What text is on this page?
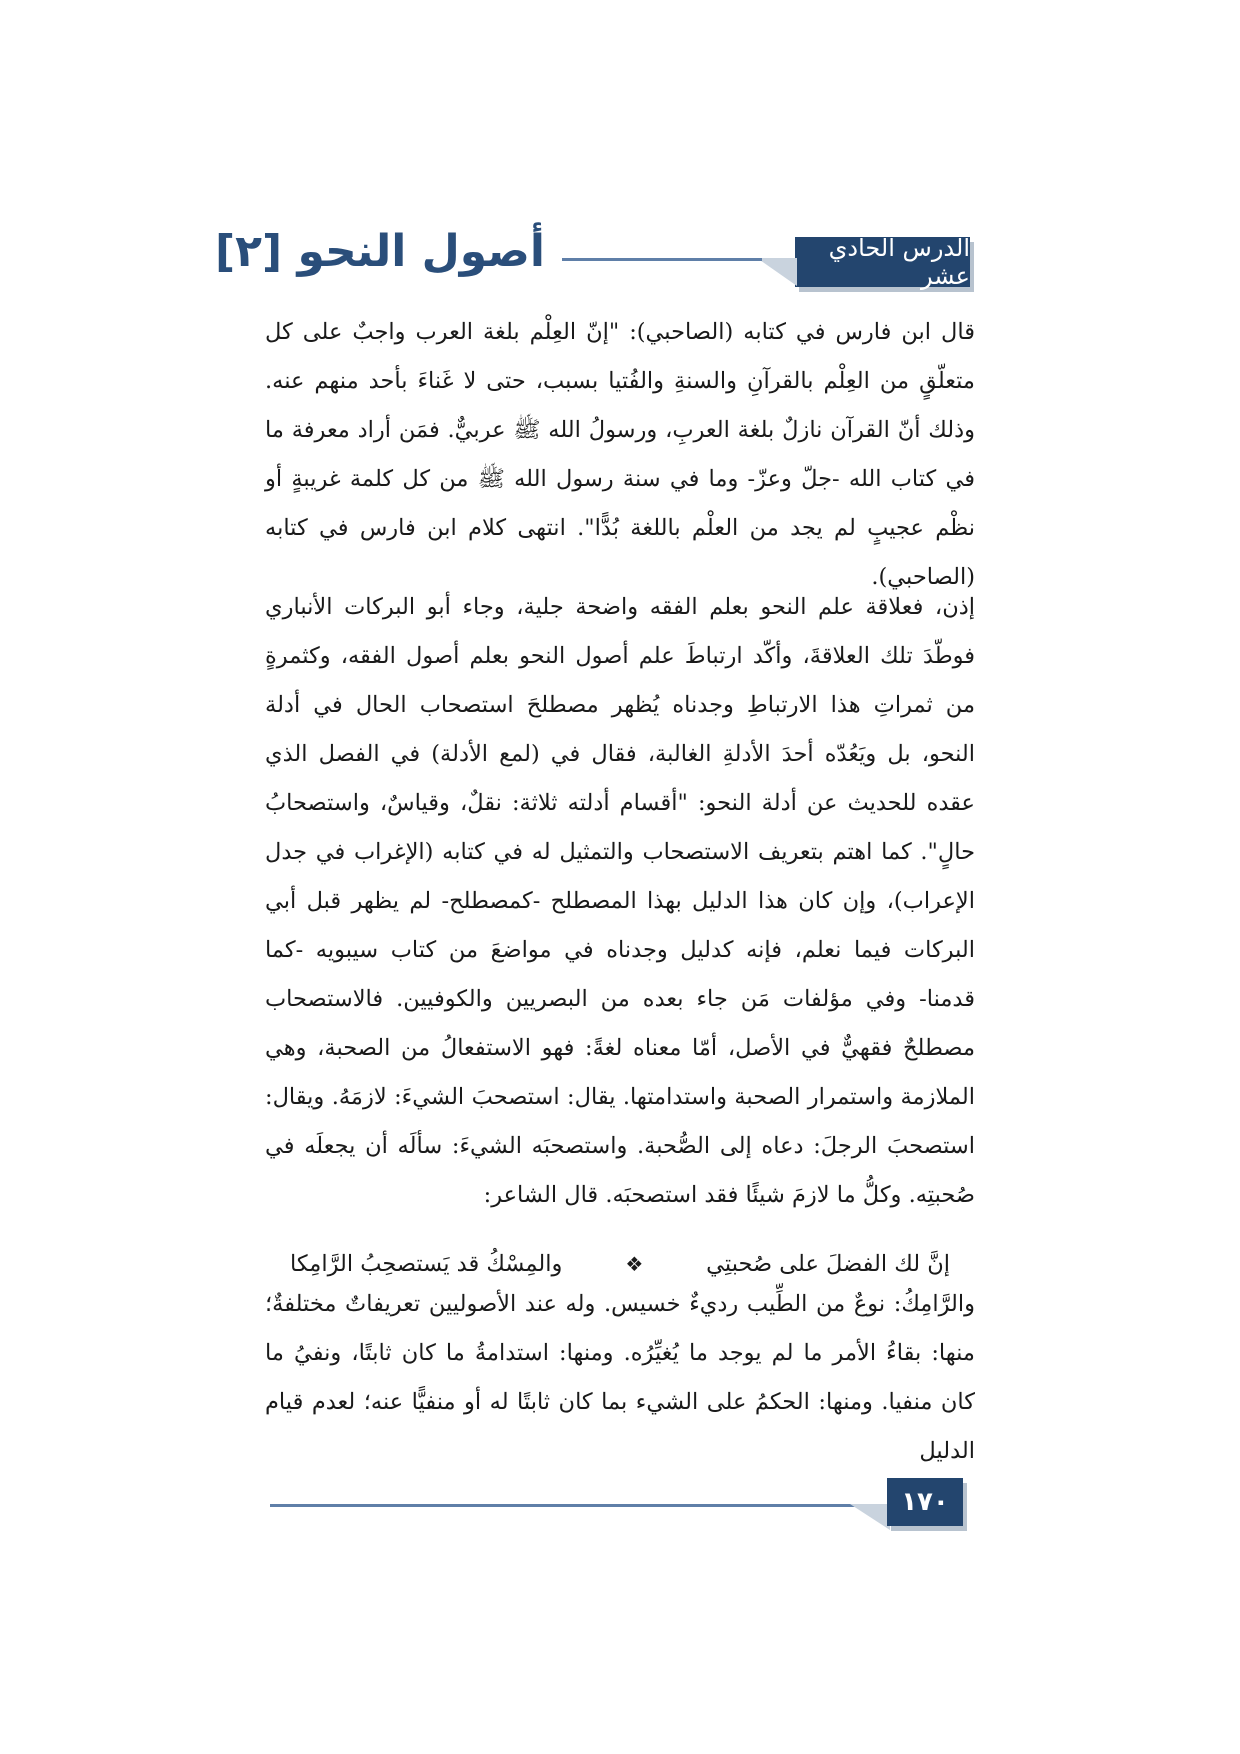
الدرس الحادي عشر
أصول النحو [٢]

قال ابن فارس في كتابه (الصاحبي): "إنّ العِلْم بلغة العرب واجبٌ على كل متعلّقٍ من العِلْم بالقرآنِ والسنةِ والفُتيا بسبب، حتى لا غَناءَ بأحد منهم عنه. وذلك أنّ القرآن نازلٌ بلغة العربِ، ورسولُ الله ﷺ عربيٌّ. فمَن أراد معرفة ما في كتاب الله -جلّ وعزّ- وما في سنة رسول الله ﷺ من كل كلمة غريبةٍ أو نظْم عجيبٍ لم يجد من العلْم باللغة بُدًّا". انتهى كلام ابن فارس في كتابه (الصاحبي).

إذن، فعلاقة علم النحو بعلم الفقه واضحة جلية، وجاء أبو البركات الأنباري فوطّدَ تلك العلاقةَ، وأكّد ارتباطَ علم أصول النحو بعلم أصول الفقه، وكثمرةٍ من ثمراتِ هذا الارتباطِ وجدناه يُظهر مصطلحَ استصحاب الحال في أدلة النحو، بل ويَعُدّه أحدَ الأدلةِ الغالبة، فقال في (لمع الأدلة) في الفصل الذي عقده للحديث عن أدلة النحو: "أقسام أدلته ثلاثة: نقلٌ، وقياسٌ، واستصحابُ حالٍ". كما اهتم بتعريف الاستصحاب والتمثيل له في كتابه (الإغراب في جدل الإعراب)، وإن كان هذا الدليل بهذا المصطلح -كمصطلح- لم يظهر قبل أبي البركات فيما نعلم، فإنه كدليل وجدناه في مواضعَ من كتاب سيبويه -كما قدمنا- وفي مؤلفات مَن جاء بعده من البصريين والكوفيين. فالاستصحاب مصطلحٌ فقهيٌّ في الأصل، أمّا معناه لغةً: فهو الاستفعالُ من الصحبة، وهي الملازمة واستمرار الصحبة واستدامتها. يقال: استصحبَ الشيءَ: لازمَهُ. ويقال: استصحبَ الرجلَ: دعاه إلى الصُّحبة. واستصحبَه الشيءَ: سألَه أن يجعلَه في صُحبتِه. وكلُّ ما لازمَ شيئًا فقد استصحبَه. قال الشاعر:

إنَّ لك الفضلَ على صُحبتِي
❖
والمِسْكُ قد يَستصحِبُ الرَّامِكا

والرَّامِكُ: نوعٌ من الطِّيب رديءٌ خسيس. وله عند الأصوليين تعريفاتٌ مختلفةٌ؛ منها: بقاءُ الأمر ما لم يوجد ما يُغيِّرُه. ومنها: استدامةُ ما كان ثابتًا، ونفيُ ما كان منفيا. ومنها: الحكمُ على الشيء بما كان ثابتًا له أو منفيًّا عنه؛ لعدم قيام الدليل

١٧٠
